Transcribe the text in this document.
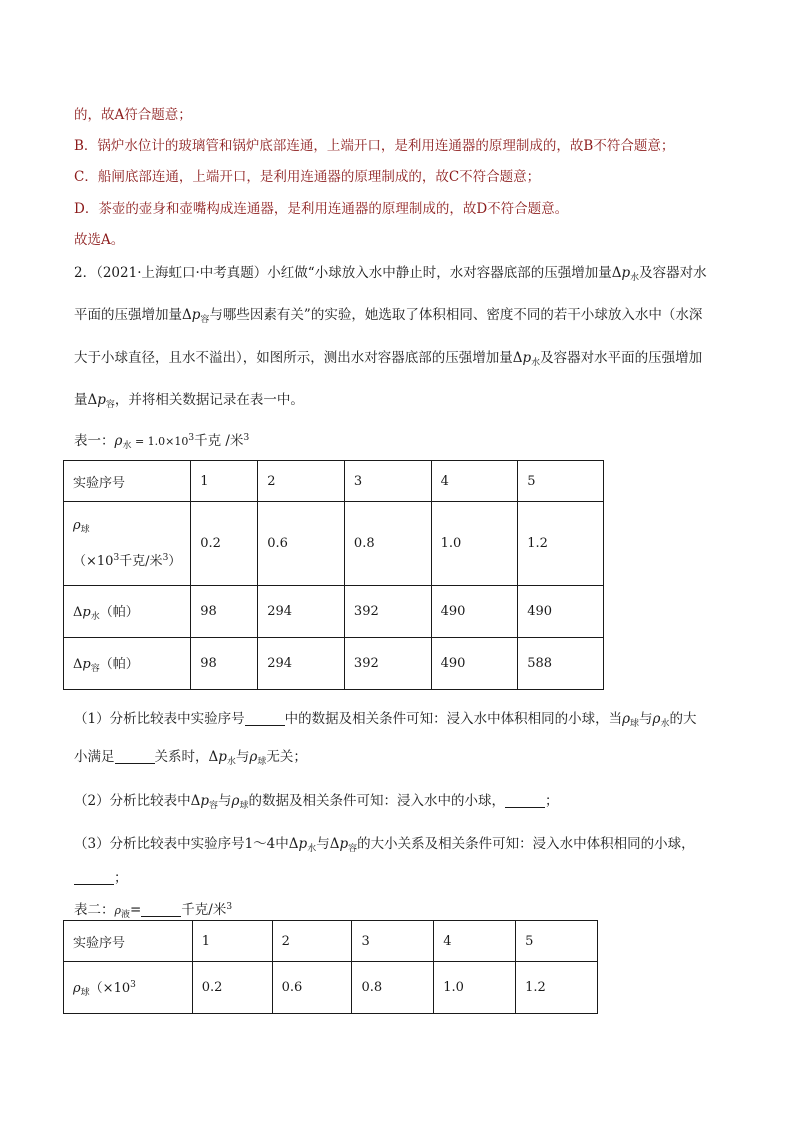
的，故A符合题意；
B．锅炉水位计的玻璃管和锅炉底部连通，上端开口，是利用连通器的原理制成的，故B不符合题意；
C．船闸底部连通，上端开口，是利用连通器的原理制成的，故C不符合题意；
D．茶壶的壶身和壶嘴构成连通器，是利用连通器的原理制成的，故D不符合题意。
故选A。
2．（2021·上海虹口·中考真题）小红做“小球放入水中静止时，水对容器底部的压强增加量$\Delta p_水$及容器对水
平面的压强增加量$\Delta p_容$与哪些因素有关”的实验，她选取了体积相同、密度不同的若干小球放入水中（水深
大于小球直径，且水不溢出），如图所示，测出水对容器底部的压强增加量$\Delta p_水$及容器对水平面的压强增加
量$\Delta p_容$，并将相关数据记录在表一中。
表一：$\rho_水 = 1.0\times 10^3$千克 /米$^3$
实验序号	1	2	3	4	5

$\rho_球$
（$\times 10^3$千克/米$^3$）	0.2	0.6	0.8	1.0	1.2
$\Delta p_水$（帕）	98	294	392	490	490
$\Delta p_容$（帕）	98	294	392	490	588
（1）分析比较表中实验序号	中的数据及相关条件可知：浸入水中体积相同的小球，当$\rho_球$与$\rho_水$的大
小满足	关系时，$\Delta p_水$与$\rho_球$无关；
（2）分析比较表中$\Delta p_容$与$\rho_球$的数据及相关条件可知：浸入水中的小球，	；
（3）分析比较表中实验序号1～4中$\Delta p_水$与$\Delta p_容$的大小关系及相关条件可知：浸入水中体积相同的小球，
；
表二：$\rho_液=$	千克/米$^3$
实验序号	1	2	3	4	5
$\rho_球(\times 10^3$	0.2	0.6	0.8	1.0	1.2
